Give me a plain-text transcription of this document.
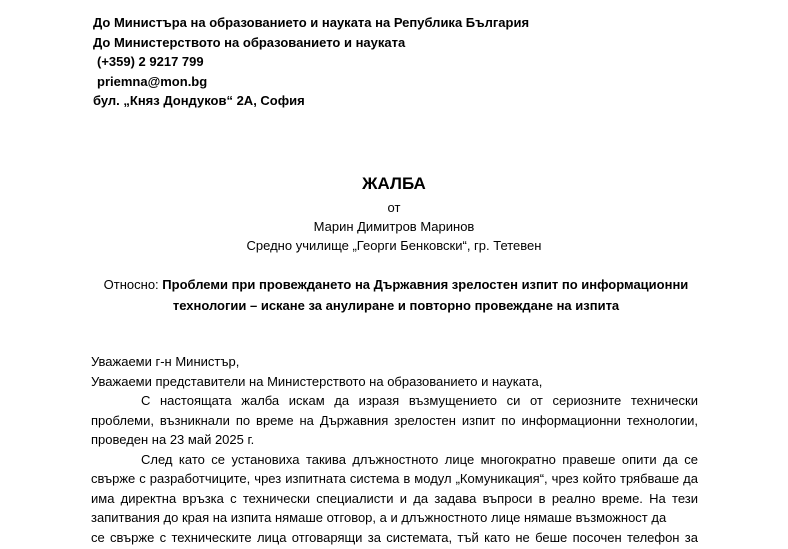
До Министъра на образованието и науката на Република България
До Министерството на образованието и науката
(+359) 2 9217 799
priemna@mon.bg
бул. „Княз Дондуков“ 2А, София
ЖАЛБА
от
Марин Димитров Маринов
Средно училище „Георги Бенковски“, гр. Тетевен
Относно: Проблеми при провеждането на Държавния зрелостен изпит по информационни технологии – искане за анулиране и повторно провеждане на изпита

Уважаеми г-н Министър,

Уважаеми представители на Министерството на образованието и науката,

С настоящата жалба искам да изразя възмущението си от сериозните технически проблеми, възникнали по време на Държавния зрелостен изпит по информационни технологии, проведен на 23 май 2025 г.

След като се установиха такива длъжностното лице многократно правеше опити да се свърже с разработчиците, чрез изпитната система в модул „Комуникация“, чрез който трябваше да има директна връзка с технически специалисти и да задава въпроси в реално време. На тези запитвания до края на изпита нямаше отговор, а и длъжностното лице нямаше възможност да

се свърже с техническите лица отговарящи за системата, тъй като не беше посочен телефон за
